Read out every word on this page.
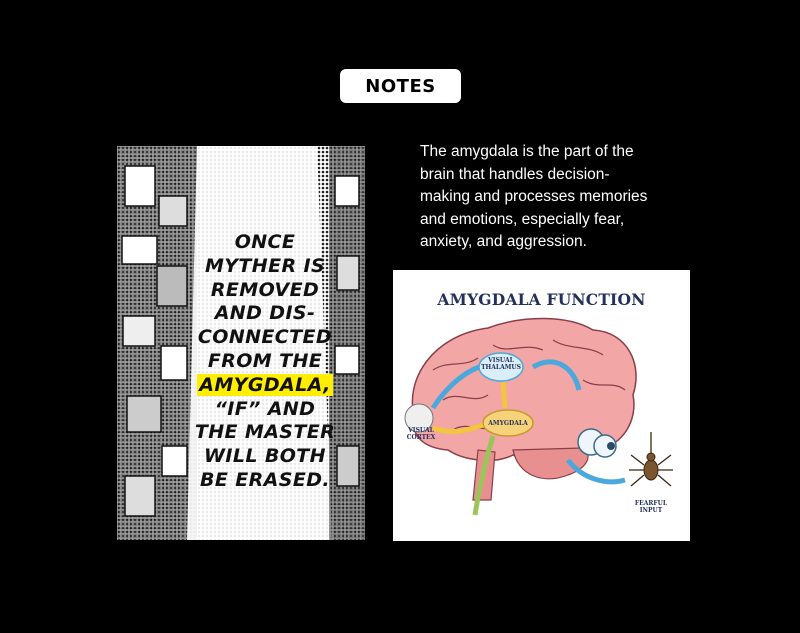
NOTES
ONCE
MYTHER IS
REMOVED
AND DIS-
CONNECTED
FROM THE
AMYGDALA,
“IF” AND
THE MASTER
WILL BOTH
BE ERASED.
The amygdala is the part of the
brain that handles decision-
making and processes memories
and emotions, especially fear,
anxiety, and aggression.
AMYGDALA FUNCTION
VISUAL
THALAMUS
VISUAL
CORTEX
AMYGDALA
FEARFUL
INPUT
